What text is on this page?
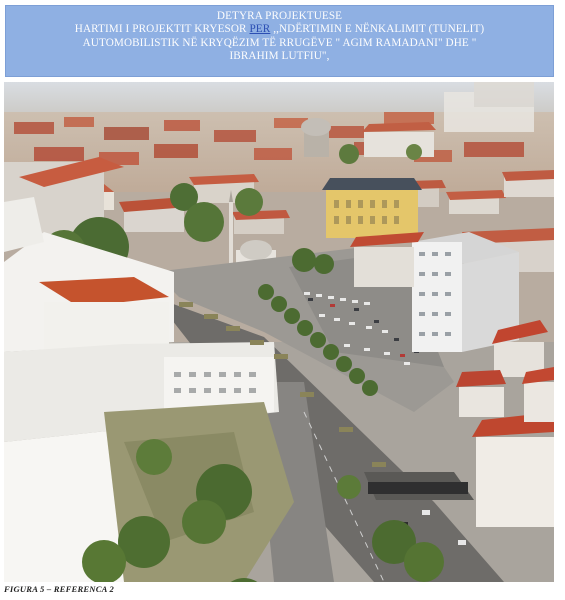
DETYRA PROJEKTUESE
HARTIMI I PROJEKTIT KRYESOR PER ,,NDËRTIMIN E NËNKALIMIT (TUNELIT)
AUTOMOBILISTIK NË KRYQËZIM TË RRUGËVE " AGIM RAMADANI" DHE "
IBRAHIM LUTFIU",
FIGURA 5 – REFERENCA 2
